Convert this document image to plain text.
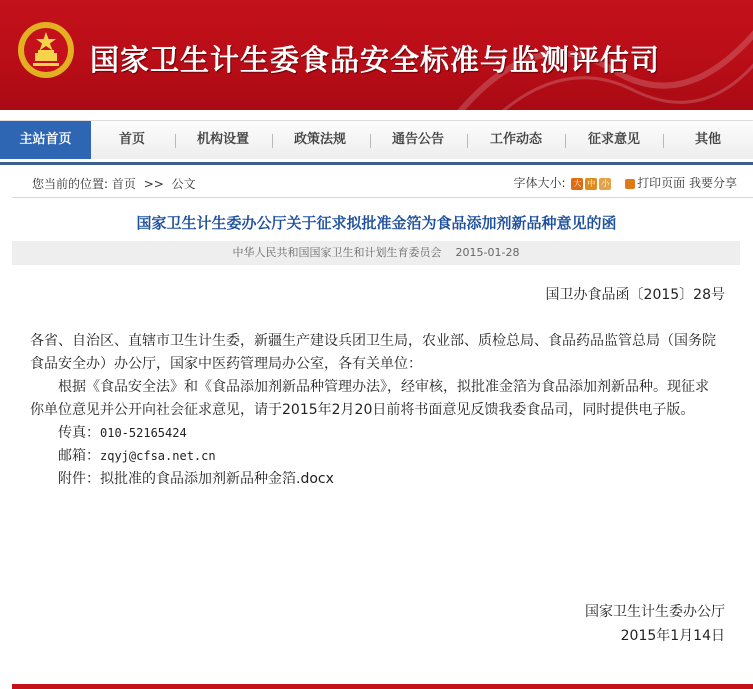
国家卫生计生委食品安全标准与监测评估司
主站首页	首页	机构设置	政策法规	通告公告	工作动态	征求意见	其他
您当前的位置: 首页 >> 公文	字体大小: 大 中 小 打印页面 我要分享
国家卫生计生委办公厅关于征求拟批准金箔为食品添加剂新品种意见的函
中华人民共和国国家卫生和计划生育委员会 2015-01-28
国卫办食品函〔2015〕28号

各省、自治区、直辖市卫生计生委，新疆生产建设兵团卫生局，农业部、质检总局、食品药品监管总局（国务院食品安全办）办公厅，国家中医药管理局办公室，各有关单位：

根据《食品安全法》和《食品添加剂新品种管理办法》，经审核，拟批准金箔为食品添加剂新品种。现征求你单位意见并公开向社会征求意见，请于2015年2月20日前将书面意见反馈我委食品司，同时提供电子版。

传真：010-52165424

邮箱：zqyj@cfsa.net.cn

附件：拟批准的食品添加剂新品种金箔.docx

国家卫生计生委办公厅
2015年1月14日
